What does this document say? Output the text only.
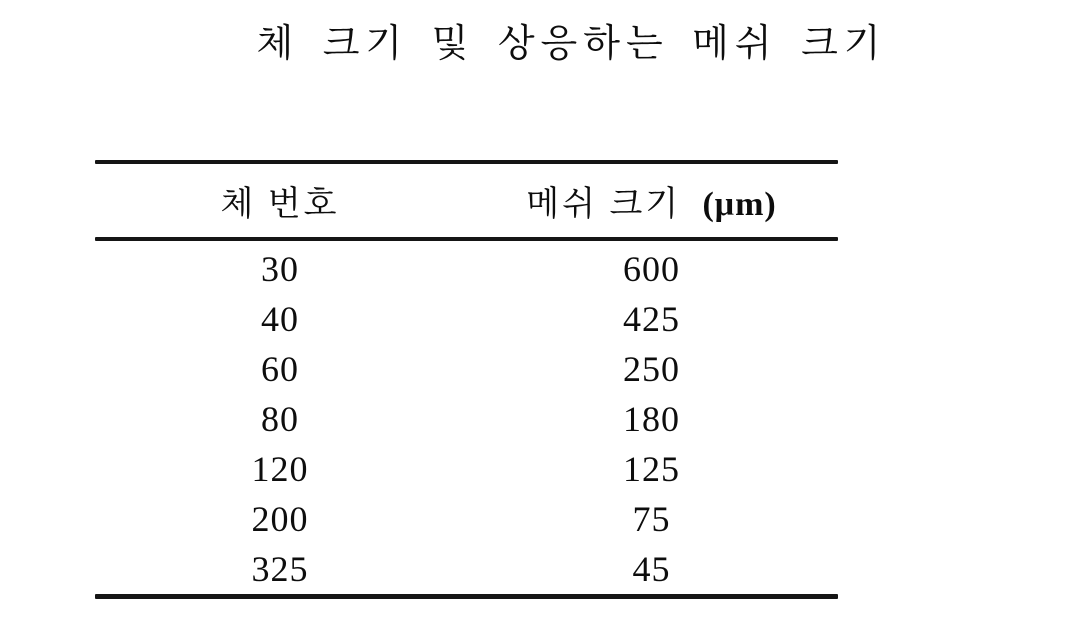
체 크기 및 상응하는 메쉬 크기
체 번호	메쉬 크기  (μm)
30	600
40	425
60	250
80	180
120	125
200	75
325	45
